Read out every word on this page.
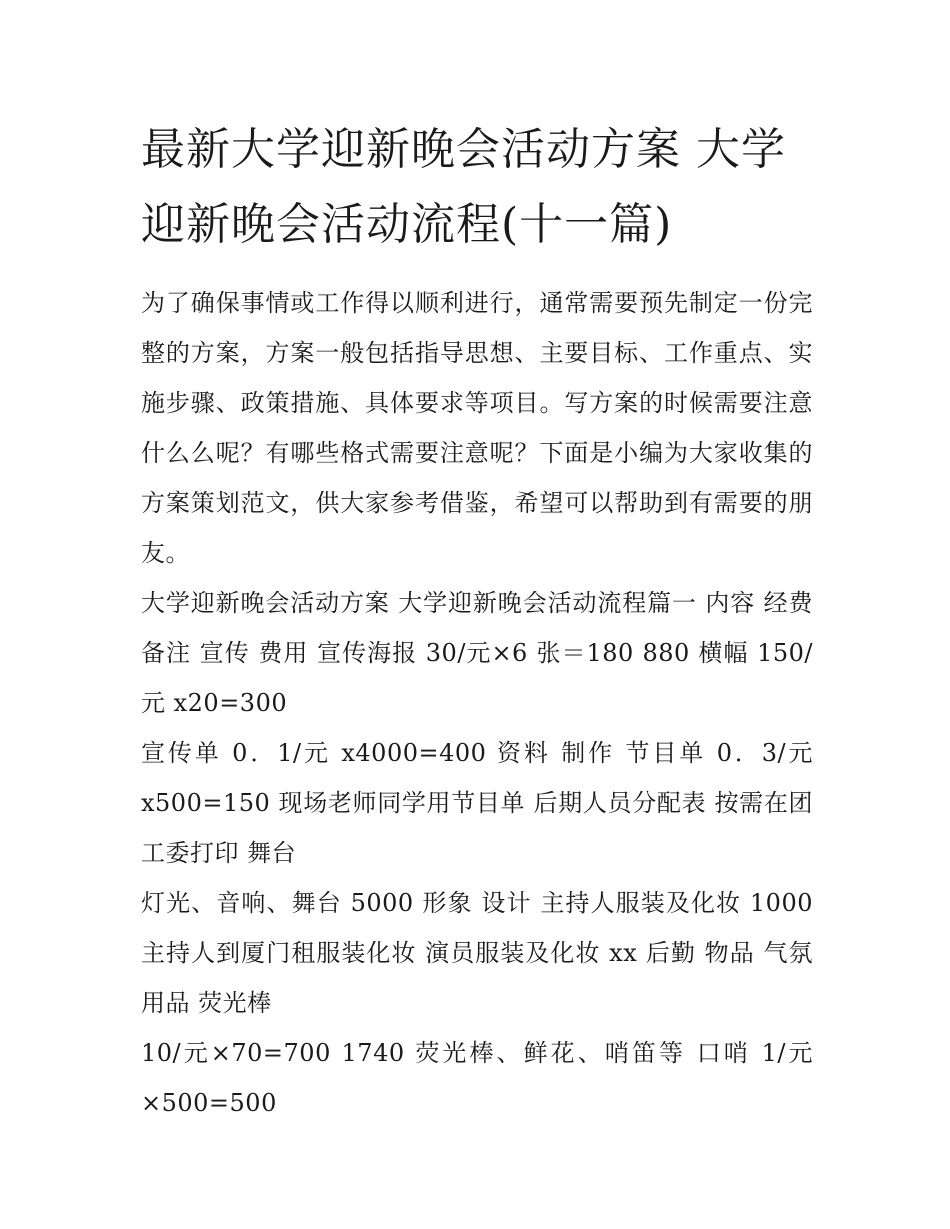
最新大学迎新晚会活动方案 大学迎新晚会活动流程(十一篇)

为了确保事情或工作得以顺利进行，通常需要预先制定一份完整的方案，方案一般包括指导思想、主要目标、工作重点、实施步骤、政策措施、具体要求等项目。写方案的时候需要注意什么么呢？有哪些格式需要注意呢？下面是小编为大家收集的方案策划范文，供大家参考借鉴，希望可以帮助到有需要的朋友。

大学迎新晚会活动方案 大学迎新晚会活动流程篇一 内容 经费 备注 宣传 费用 宣传海报 30/元×6 张＝180 880 横幅 150/元 x20=300

宣传单 0．1/元 x4000=400 资料 制作 节目单 0．3/元 x500=150 现场老师同学用节目单 后期人员分配表 按需在团工委打印 舞台

灯光、音响、舞台 5000 形象 设计 主持人服装及化妆 1000 主持人到厦门租服装化妆 演员服装及化妆 xx 后勤 物品 气氛 用品 荧光棒

10/元×70=700 1740 荧光棒、鲜花、哨笛等 口哨 1/元×500=500
